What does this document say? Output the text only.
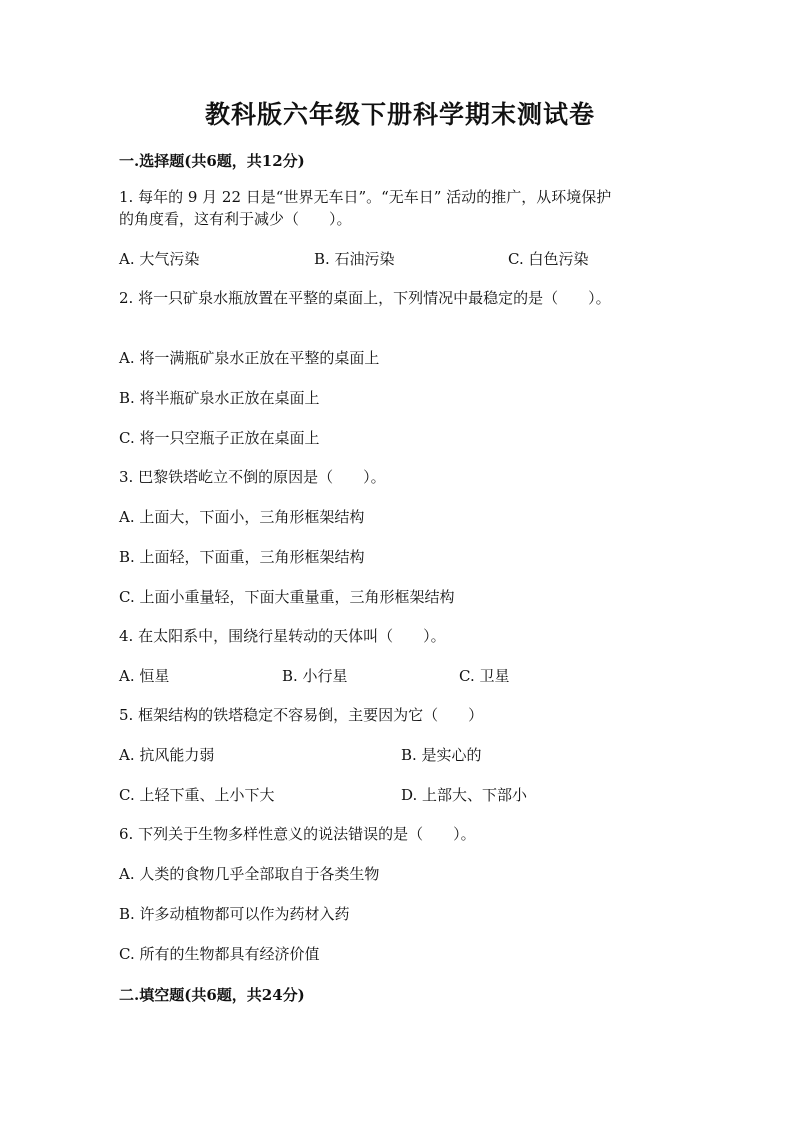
教科版六年级下册科学期末测试卷
一.选择题(共6题，共12分)
1. 每年的 9 月 22 日是“世界无车日”。“无车日” 活动的推广，从环境保护
的角度看，这有利于减少（　　）。
A. 大气污染	B. 石油污染	C. 白色污染
2. 将一只矿泉水瓶放置在平整的桌面上，下列情况中最稳定的是（　　）。
A. 将一满瓶矿泉水正放在平整的桌面上
B. 将半瓶矿泉水正放在桌面上
C. 将一只空瓶子正放在桌面上
3. 巴黎铁塔屹立不倒的原因是（　　）。
A. 上面大，下面小，三角形框架结构
B. 上面轻，下面重，三角形框架结构
C. 上面小重量轻，下面大重量重，三角形框架结构
4. 在太阳系中，围绕行星转动的天体叫（　　）。
A. 恒星	B. 小行星	C. 卫星
5. 框架结构的铁塔稳定不容易倒，主要因为它（　　）
A. 抗风能力弱	B. 是实心的
C. 上轻下重、上小下大	D. 上部大、下部小
6. 下列关于生物多样性意义的说法错误的是（　　）。
A. 人类的食物几乎全部取自于各类生物
B. 许多动植物都可以作为药材入药
C. 所有的生物都具有经济价值
二.填空题(共6题，共24分)
